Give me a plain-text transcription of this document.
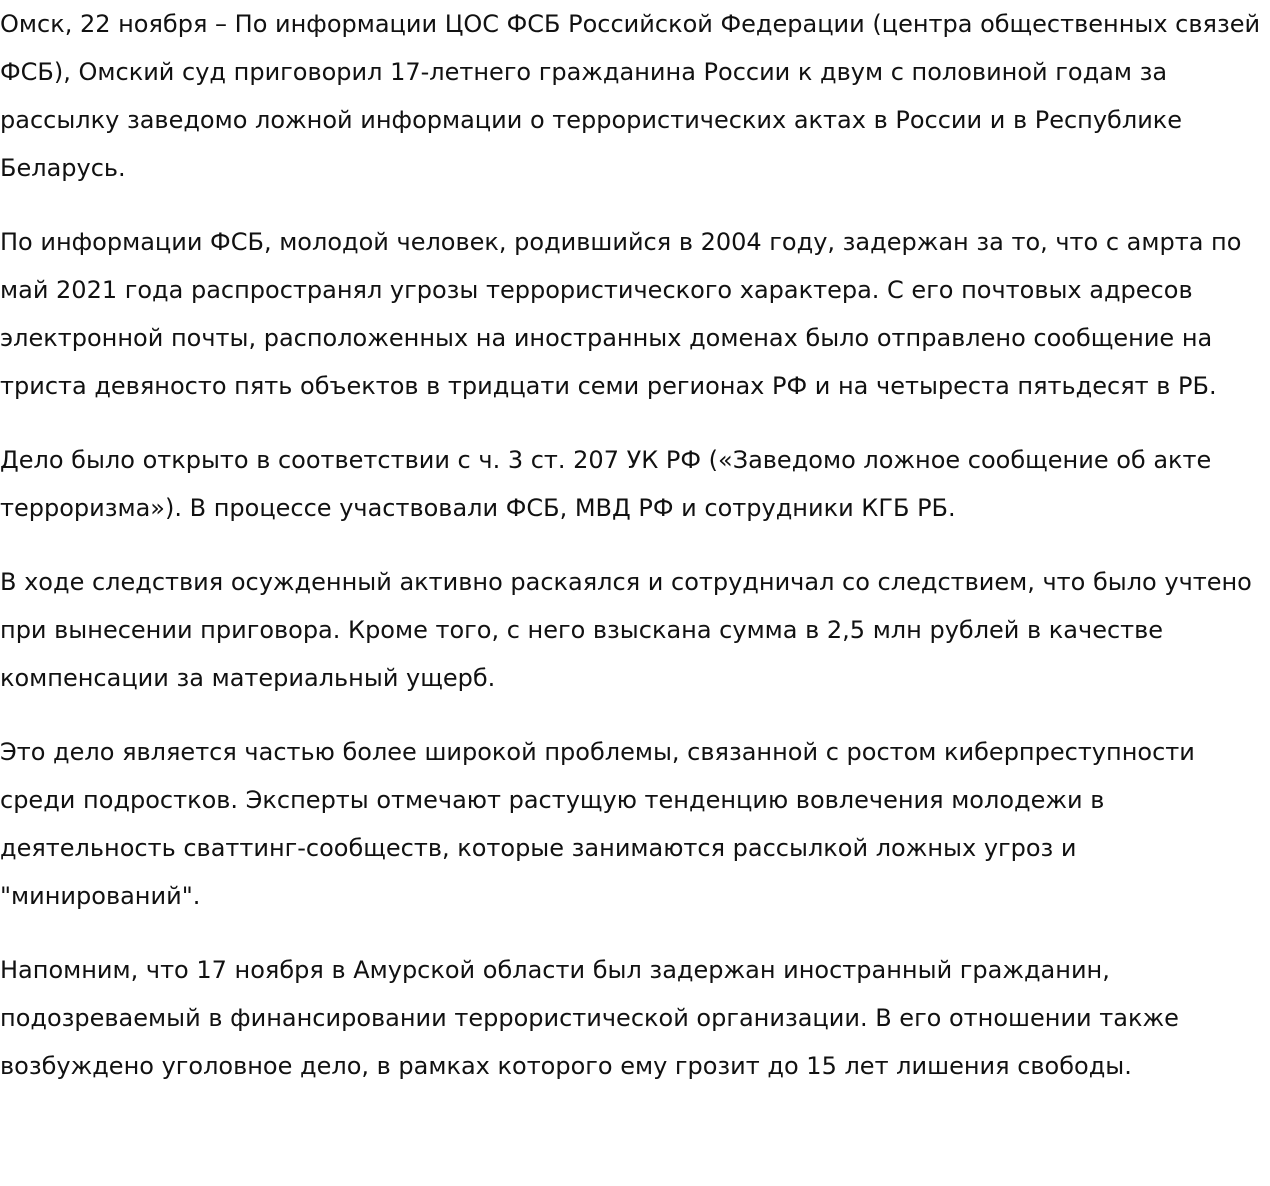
Омск, 22 ноября – По информации ЦОС ФСБ Российской Федерации (центра общественных связей ФСБ), Омский суд приговорил 17-летнего гражданина России к двум с половиной годам за рассылку заведомо ложной информации о террористических актах в России и в Республике Беларусь.

По информации ФСБ, молодой человек, родившийся в 2004 году, задержан за то, что с амрта по май 2021 года распространял угрозы террористического характера. С его почтовых адресов электронной почты, расположенных на иностранных доменах было отправлено сообщение на триста девяносто пять объектов в тридцати семи регионах РФ и на четыреста пятьдесят в РБ.

Дело было открыто в соответствии с ч. 3 ст. 207 УК РФ («Заведомо ложное сообщение об акте терроризма»). В процессе участвовали ФСБ, МВД РФ и сотрудники КГБ РБ.

В ходе следствия осужденный активно раскаялся и сотрудничал со следствием, что было учтено при вынесении приговора. Кроме того, с него взыскана сумма в 2,5 млн рублей в качестве компенсации за материальный ущерб.

Это дело является частью более широкой проблемы, связанной с ростом киберпреступности среди подростков. Эксперты отмечают растущую тенденцию вовлечения молодежи в деятельность сваттинг-сообществ, которые занимаются рассылкой ложных угроз и "минирований".

Напомним, что 17 ноября в Амурской области был задержан иностранный гражданин, подозреваемый в финансировании террористической организации. В его отношении также возбуждено уголовное дело, в рамках которого ему грозит до 15 лет лишения свободы.
